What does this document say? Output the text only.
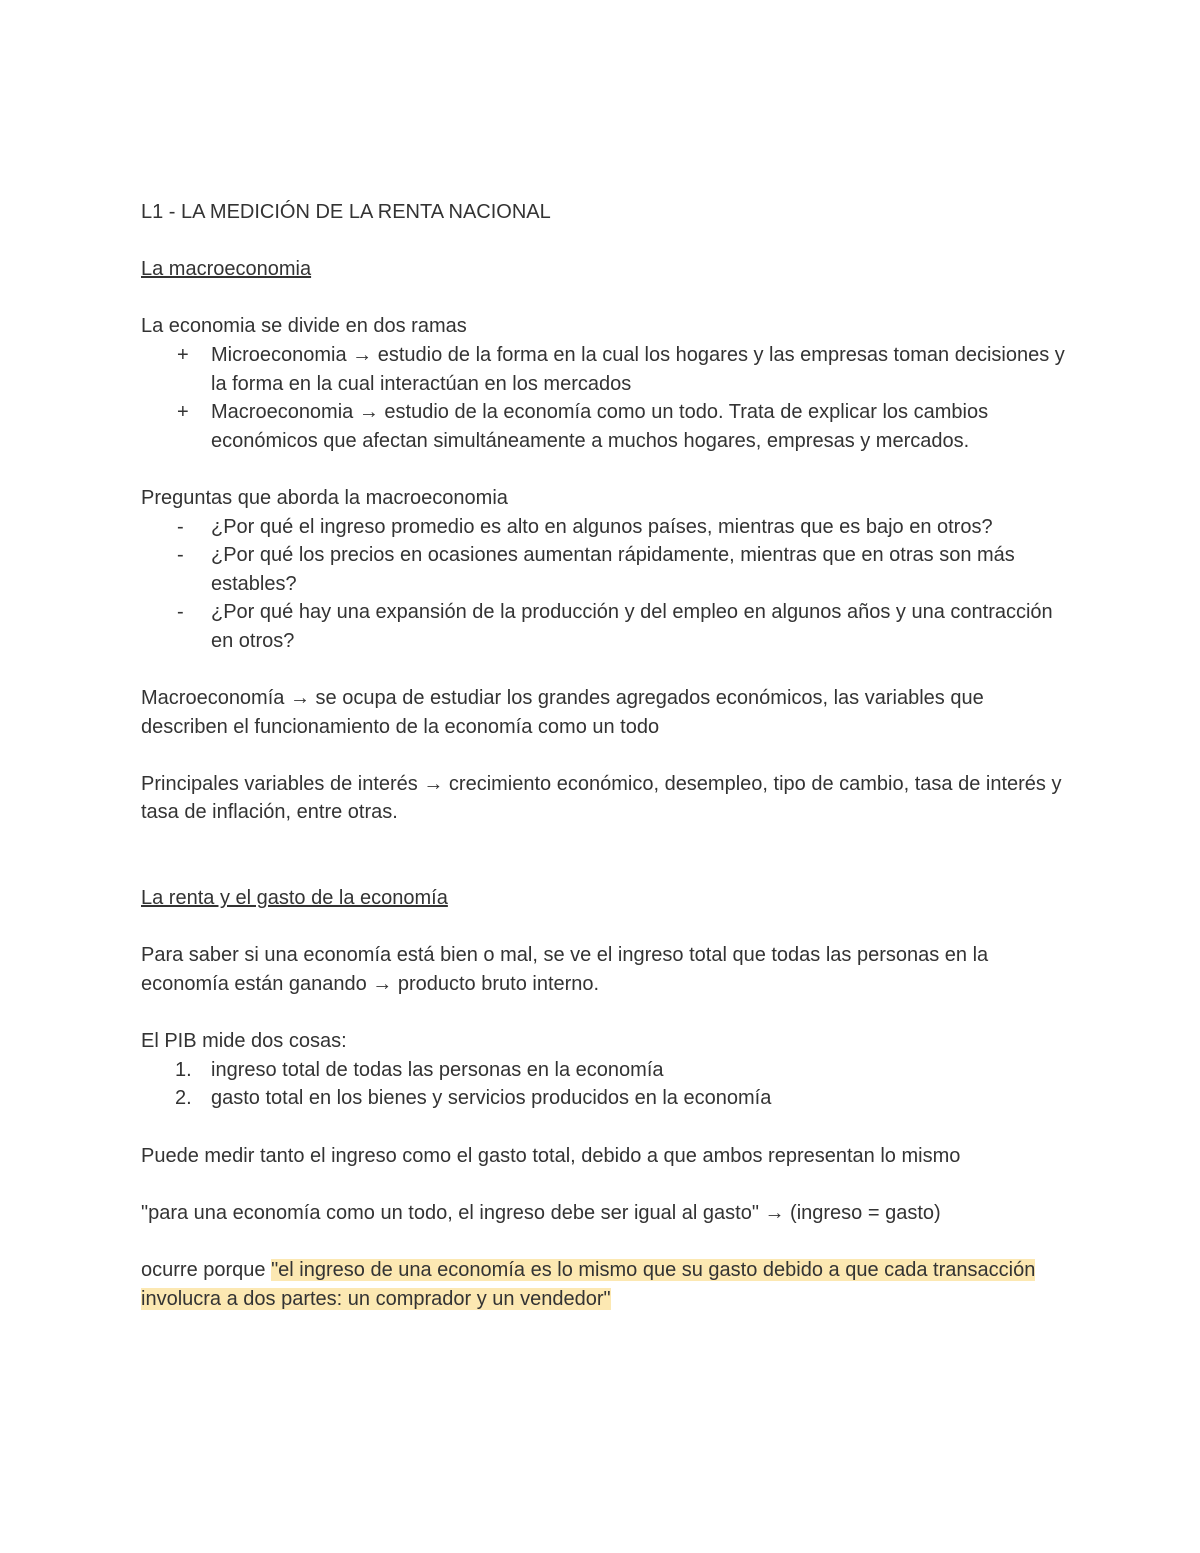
L1 - LA MEDICIÓN DE LA RENTA NACIONAL

La macroeconomia

La economia se divide en dos ramas

+	Microeconomia → estudio de la forma en la cual los hogares y las empresas toman decisiones y la forma en la cual interactúan en los mercados

+	Macroeconomia → estudio de la economía como un todo. Trata de explicar los cambios económicos que afectan simultáneamente a muchos hogares, empresas y mercados.

Preguntas que aborda la macroeconomia

-	¿Por qué el ingreso promedio es alto en algunos países, mientras que es bajo en otros?

-	¿Por qué los precios en ocasiones aumentan rápidamente, mientras que en otras son más estables?

-	¿Por qué hay una expansión de la producción y del empleo en algunos años y una contracción en otros?

Macroeconomía → se ocupa de estudiar los grandes agregados económicos, las variables que describen el funcionamiento de la economía como un todo

Principales variables de interés → crecimiento económico, desempleo, tipo de cambio, tasa de interés y tasa de inflación, entre otras.

La renta y el gasto de la economía

Para saber si una economía está bien o mal, se ve el ingreso total que todas las personas en la economía están ganando → producto bruto interno.

El PIB mide dos cosas:

1. ingreso total de todas las personas en la economía

2. gasto total en los bienes y servicios producidos en la economía

Puede medir tanto el ingreso como el gasto total, debido a que ambos representan lo mismo

"para una economía como un todo, el ingreso debe ser igual al gasto" → (ingreso = gasto)

ocurre porque "el ingreso de una economía es lo mismo que su gasto debido a que cada transacción involucra a dos partes: un comprador y un vendedor"
